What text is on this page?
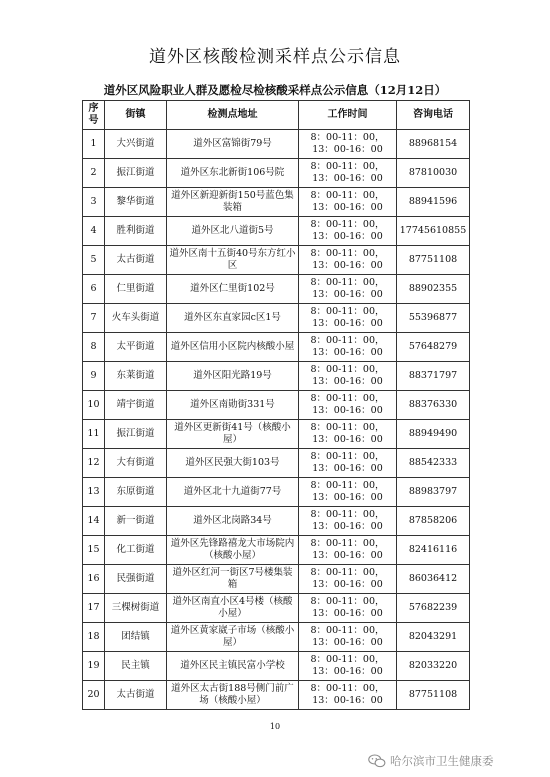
道外区核酸检测采样点公示信息
道外区风险职业人群及愿检尽检核酸采样点公示信息（12月12日）
序号	街镇	检测点地址	工作时间	咨询电话
1	大兴街道	道外区富锦街79号	8：00-11：00，
13：00-16：00	88968154
2	振江街道	道外区东北新街106号院	8：00-11：00，
13：00-16：00	87810030
3	黎华街道	道外区新迎新街150号蓝色集装箱	8：00-11：00，
13：00-16：00	88941596
4	胜利街道	道外区北八道街5号	8：00-11：00，
13：00-16：00	17745610855
5	太古街道	道外区南十五街40号东方红小区	8：00-11：00，
13：00-16：00	87751108
6	仁里街道	道外区仁里街102号	8：00-11：00，
13：00-16：00	88902355
7	火车头街道	道外区东直家园c区1号	8：00-11：00，
13：00-16：00	55396877
8	太平街道	道外区信用小区院内核酸小屋	8：00-11：00，
13：00-16：00	57648279
9	东莱街道	道外区阳光路19号	8：00-11：00，
13：00-16：00	88371797
10	靖宇街道	道外区南勋街331号	8：00-11：00，
13：00-16：00	88376330
11	振江街道	道外区更新街41号（核酸小屋）	8：00-11：00，
13：00-16：00	88949490
12	大有街道	道外区民强大街103号	8：00-11：00，
13：00-16：00	88542333
13	东原街道	道外区北十九道街77号	8：00-11：00，
13：00-16：00	88983797
14	新一街道	道外区北岗路34号	8：00-11：00，
13：00-16：00	87858206
15	化工街道	道外区先锋路禧龙大市场院内（核酸小屋）	8：00-11：00，
13：00-16：00	82416116
16	民强街道	道外区红河一街区7号楼集装箱	8：00-11：00，
13：00-16：00	86036412
17	三棵树街道	道外区南直小区4号楼（核酸小屋）	8：00-11：00，
13：00-16：00	57682239
18	团结镇	道外区黄家崴子市场（核酸小屋）	8：00-11：00，
13：00-16：00	82043291
19	民主镇	道外区民主镇民富小学校	8：00-11：00，
13：00-16：00	82033220
20	太古街道	道外区太古街188号侧门前广场（核酸小屋）	8：00-11：00，
13：00-16：00	87751108
10
哈尔滨市卫生健康委
